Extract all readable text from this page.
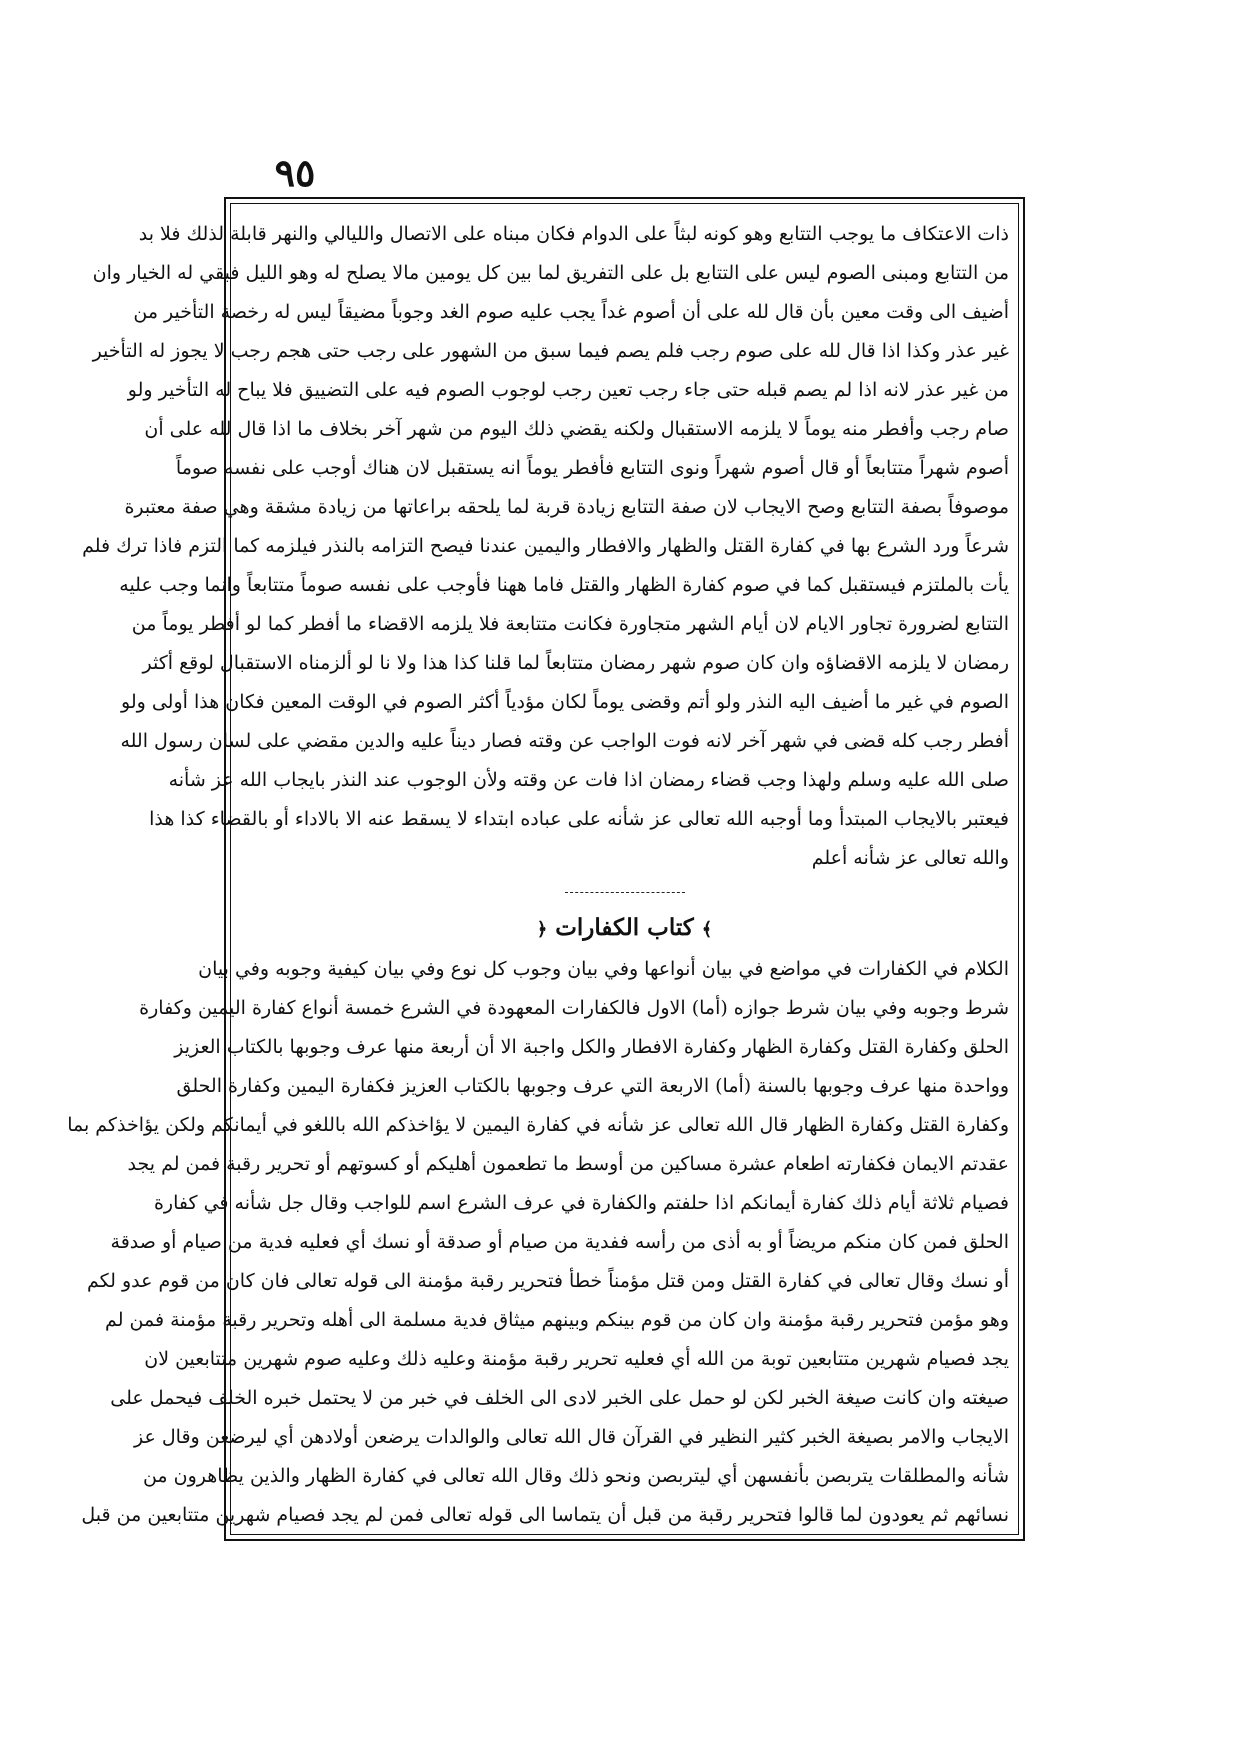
٩٥
ذات الاعتكاف ما يوجب التتابع وهو كونه لبثاً على الدوام فكان مبناه على الاتصال والليالي والنهر قابلة لذلك فلا بد
من التتابع ومبنى الصوم ليس على التتابع بل على التفريق لما بين كل يومين مالا يصلح له وهو الليل فبقي له الخيار وان
أضيف الى وقت معين بأن قال لله على أن أصوم غداً يجب عليه صوم الغد وجوباً مضيقاً ليس له رخصة التأخير من
غير عذر وكذا اذا قال لله على صوم رجب فلم يصم فيما سبق من الشهور على رجب حتى هجم رجب لا يجوز له التأخير
من غير عذر لانه اذا لم يصم قبله حتى جاء رجب تعين رجب لوجوب الصوم فيه على التضييق فلا يباح له التأخير ولو
صام رجب وأفطر منه يوماً لا يلزمه الاستقبال ولكنه يقضي ذلك اليوم من شهر آخر بخلاف ما اذا قال لله على أن
أصوم شهراً متتابعاً أو قال أصوم شهراً ونوى التتابع فأفطر يوماً انه يستقبل لان هناك أوجب على نفسه صوماً
موصوفاً بصفة التتابع وصح الايجاب لان صفة التتابع زيادة قربة لما يلحقه براعاتها من زيادة مشقة وهي صفة معتبرة
شرعاً ورد الشرع بها في كفارة القتل والظهار والافطار واليمين عندنا فيصح التزامه بالنذر فيلزمه كما التزم فاذا ترك فلم
يأت بالملتزم فيستقبل كما في صوم كفارة الظهار والقتل فاما ههنا فأوجب على نفسه صوماً متتابعاً وانما وجب عليه
التتابع لضرورة تجاور الايام لان أيام الشهر متجاورة فكانت متتابعة فلا يلزمه الاقضاء ما أفطر كما لو أفطر يوماً من
رمضان لا يلزمه الاقضاؤه وان كان صوم شهر رمضان متتابعاً لما قلنا كذا هذا ولا نا لو ألزمناه الاستقبال لوقع أكثر
الصوم في غير ما أضيف اليه النذر ولو أتم وقضى يوماً لكان مؤدياً أكثر الصوم في الوقت المعين فكان هذا أولى ولو
أفطر رجب كله قضى في شهر آخر لانه فوت الواجب عن وقته فصار ديناً عليه والدين مقضي على لسان رسول الله
صلى الله عليه وسلم ولهذا وجب قضاء رمضان اذا فات عن وقته ولأن الوجوب عند النذر بايجاب الله عز شأنه
فيعتبر بالايجاب المبتدأ وما أوجبه الله تعالى عز شأنه على عباده ابتداء لا يسقط عنه الا بالاداء أو بالقضاء كذا هذا
والله تعالى عز شأنه أعلم
﴾كتاب الكفارات﴿
الكلام في الكفارات في مواضع في بيان أنواعها وفي بيان وجوب كل نوع وفي بيان كيفية وجوبه وفي بيان
شرط وجوبه وفي بيان شرط جوازه (أما) الاول فالكفارات المعهودة في الشرع خمسة أنواع كفارة اليمين وكفارة
الحلق وكفارة القتل وكفارة الظهار وكفارة الافطار والكل واجبة الا أن أربعة منها عرف وجوبها بالكتاب العزيز
وواحدة منها عرف وجوبها بالسنة (أما) الاربعة التي عرف وجوبها بالكتاب العزيز فكفارة اليمين وكفارة الحلق
وكفارة القتل وكفارة الظهار قال الله تعالى عز شأنه في كفارة اليمين لا يؤاخذكم الله باللغو في أيمانكم ولكن يؤاخذكم بما
عقدتم الايمان فكفارته اطعام عشرة مساكين من أوسط ما تطعمون أهليكم أو كسوتهم أو تحرير رقبة فمن لم يجد
فصيام ثلاثة أيام ذلك كفارة أيمانكم اذا حلفتم والكفارة في عرف الشرع اسم للواجب وقال جل شأنه في كفارة
الحلق فمن كان منكم مريضاً أو به أذى من رأسه ففدية من صيام أو صدقة أو نسك أي فعليه فدية من صيام أو صدقة
أو نسك وقال تعالى في كفارة القتل ومن قتل مؤمناً خطأ فتحرير رقبة مؤمنة الى قوله تعالى فان كان من قوم عدو لكم
وهو مؤمن فتحرير رقبة مؤمنة وان كان من قوم بينكم وبينهم ميثاق فدية مسلمة الى أهله وتحرير رقبة مؤمنة فمن لم
يجد فصيام شهرين متتابعين توبة من الله أي فعليه تحرير رقبة مؤمنة وعليه ذلك وعليه صوم شهرين متتابعين لان
صيغته وان كانت صيغة الخبر لكن لو حمل على الخبر لادى الى الخلف في خبر من لا يحتمل خبره الخلف فيحمل على
الايجاب والامر بصيغة الخبر كثير النظير في القرآن قال الله تعالى والوالدات يرضعن أولادهن أي ليرضعن وقال عز
شأنه والمطلقات يتربصن بأنفسهن أي ليتربصن ونحو ذلك وقال الله تعالى في كفارة الظهار والذين يظاهرون من
نسائهم ثم يعودون لما قالوا فتحرير رقبة من قبل أن يتماسا الى قوله تعالى فمن لم يجد فصيام شهرين متتابعين من قبل
